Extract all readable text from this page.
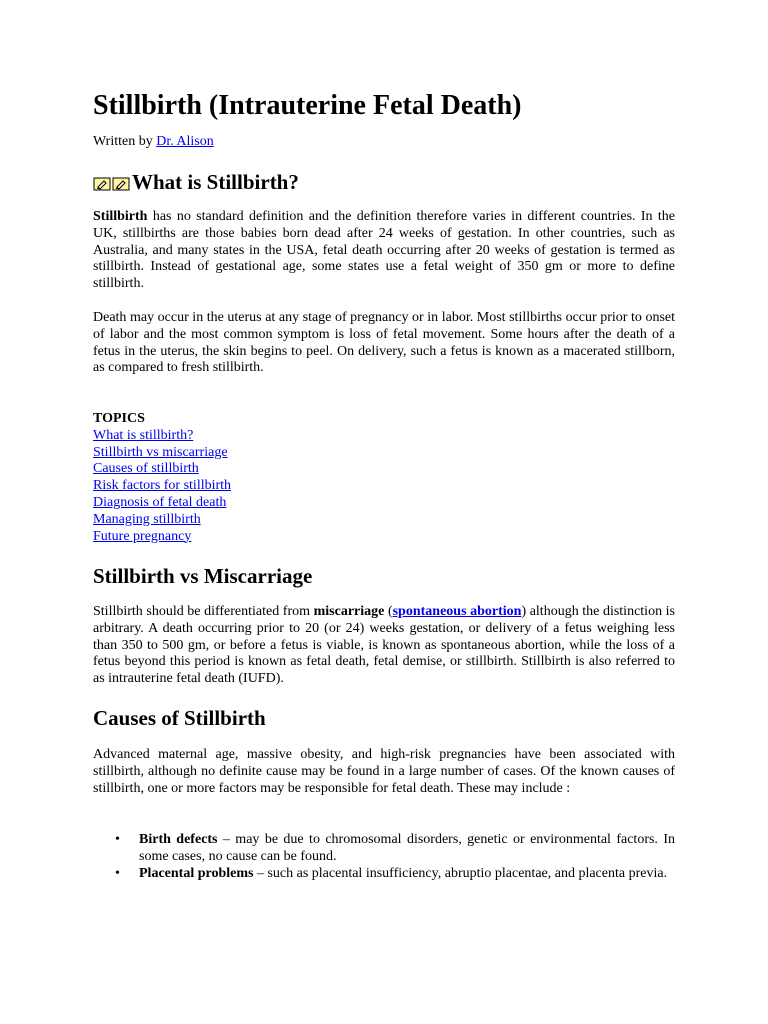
Stillbirth (Intrauterine Fetal Death)
Written by Dr. Alison
What is Stillbirth?

Stillbirth has no standard definition and the definition therefore varies in different countries. In the UK, stillbirths are those babies born dead after 24 weeks of gestation. In other countries, such as Australia, and many states in the USA, fetal death occurring after 20 weeks of gestation is termed as stillbirth. Instead of gestational age, some states use a fetal weight of 350 gm or more to define stillbirth.

Death may occur in the uterus at any stage of pregnancy or in labor. Most stillbirths occur prior to onset of labor and the most common symptom is loss of fetal movement. Some hours after the death of a fetus in the uterus, the skin begins to peel. On delivery, such a fetus is known as a macerated stillborn, as compared to fresh stillbirth.

TOPICS
What is stillbirth?
Stillbirth vs miscarriage
Causes of stillbirth
Risk factors for stillbirth
Diagnosis of fetal death
Managing stillbirth
Future pregnancy
Stillbirth vs Miscarriage

Stillbirth should be differentiated from miscarriage (spontaneous abortion) although the distinction is arbitrary. A death occurring prior to 20 (or 24) weeks gestation, or delivery of a fetus weighing less than 350 to 500 gm, or before a fetus is viable, is known as spontaneous abortion, while the loss of a fetus beyond this period is known as fetal death, fetal demise, or stillbirth. Stillbirth is also referred to as intrauterine fetal death (IUFD).

Causes of Stillbirth

Advanced maternal age, massive obesity, and high-risk pregnancies have been associated with stillbirth, although no definite cause may be found in a large number of cases. Of the known causes of stillbirth, one or more factors may be responsible for fetal death. These may include :

• Birth defects – may be due to chromosomal disorders, genetic or environmental factors. In some cases, no cause can be found.
• Placental problems – such as placental insufficiency, abruptio placentae, and placenta previa.
